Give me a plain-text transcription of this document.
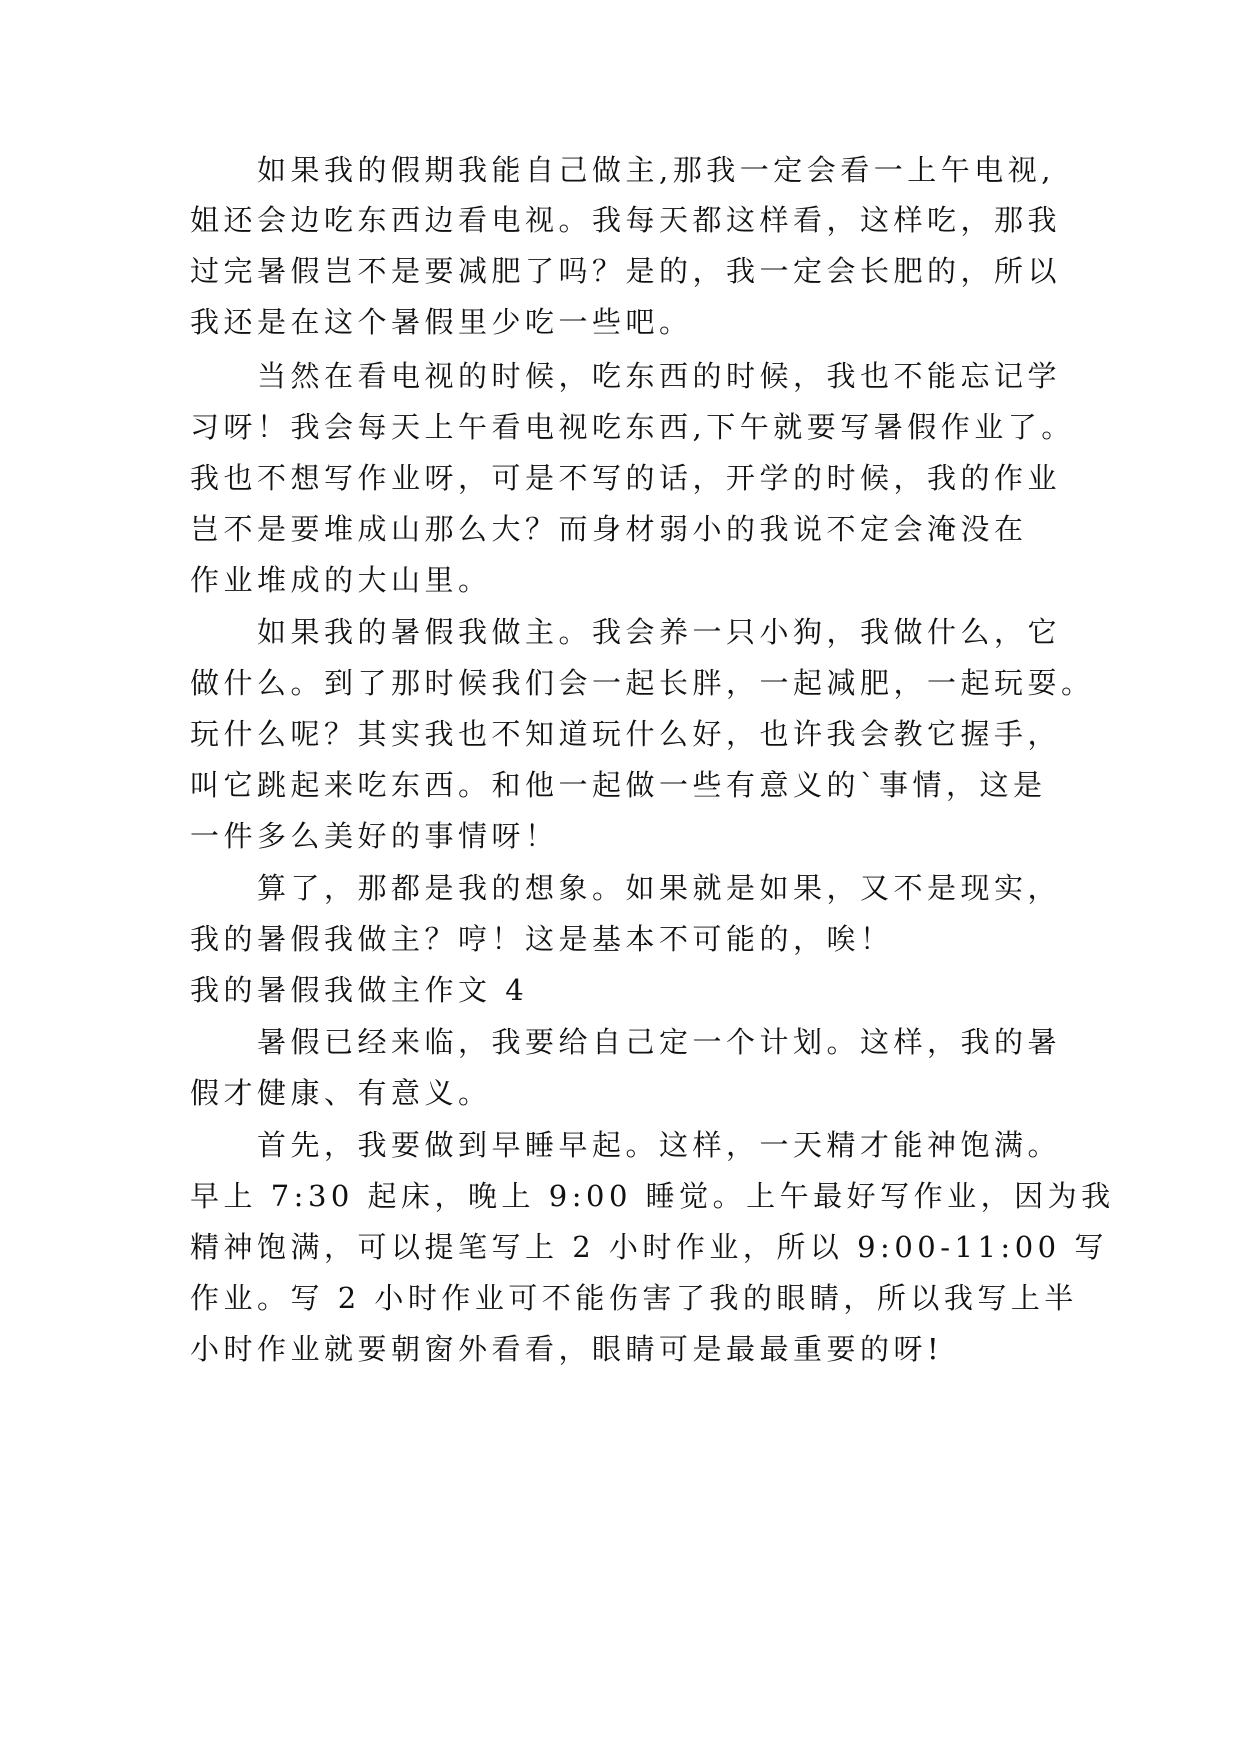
如果我的假期我能自己做主,那我一定会看一上午电视,
姐还会边吃东西边看电视。我每天都这样看，这样吃，那我
过完暑假岂不是要减肥了吗？是的，我一定会长肥的，所以
我还是在这个暑假里少吃一些吧。
当然在看电视的时候，吃东西的时候，我也不能忘记学
习呀！我会每天上午看电视吃东西,下午就要写暑假作业了。
我也不想写作业呀，可是不写的话，开学的时候，我的作业
岂不是要堆成山那么大？而身材弱小的我说不定会淹没在
作业堆成的大山里。
如果我的暑假我做主。我会养一只小狗，我做什么，它
做什么。到了那时候我们会一起长胖，一起减肥，一起玩耍。
玩什么呢？其实我也不知道玩什么好，也许我会教它握手，
叫它跳起来吃东西。和他一起做一些有意义的`事情，这是
一件多么美好的事情呀！
算了，那都是我的想象。如果就是如果，又不是现实，
我的暑假我做主？哼！这是基本不可能的，唉！
我的暑假我做主作文 4
暑假已经来临，我要给自己定一个计划。这样，我的暑
假才健康、有意义。
首先，我要做到早睡早起。这样，一天精才能神饱满。
早上 7:30 起床，晚上 9:00 睡觉。上午最好写作业，因为我
精神饱满，可以提笔写上 2 小时作业，所以 9:00-11:00 写
作业。写 2 小时作业可不能伤害了我的眼睛，所以我写上半
小时作业就要朝窗外看看，眼睛可是最最重要的呀!
